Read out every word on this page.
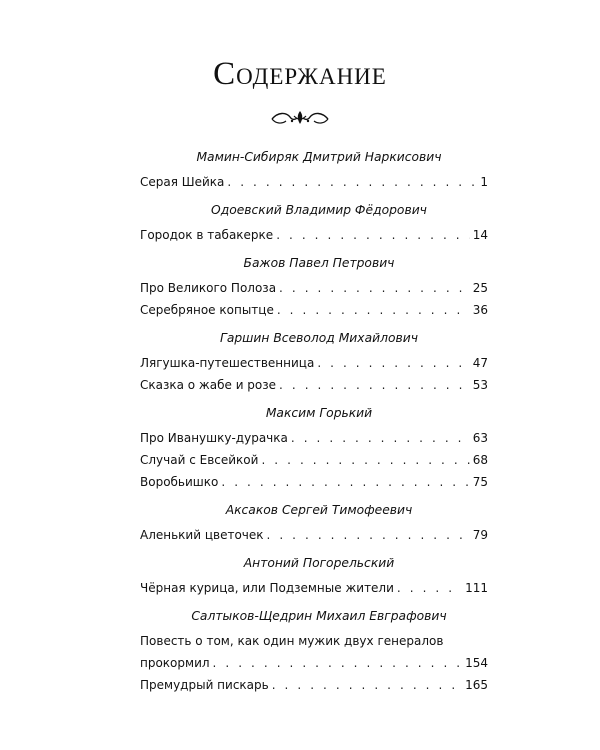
Содержание
Мамин-Сибиряк Дмитрий Наркисович
Серая Шейка . . .	1
Одоевский Владимир Фёдорович
Городок в табакерке . . .	14
Бажов Павел Петрович
Про Великого Полоза . . .	25
Серебряное копытце . . .	36
Гаршин Всеволод Михайлович
Лягушка-путешественница . . .	47
Сказка о жабе и розе . . .	53
Максим Горький
Про Иванушку-дурачка . . .	63
Случай с Евсейкой . . .	68
Воробьишко . . .	75
Аксаков Сергей Тимофеевич
Аленький цветочек . . .	79
Антоний Погорельский
Чёрная курица, или Подземные жители . . .	111
Салтыков-Щедрин Михаил Евграфович
Повесть о том, как один мужик двух генералов
прокормил . . .	154
Премудрый пискарь . . .	165
